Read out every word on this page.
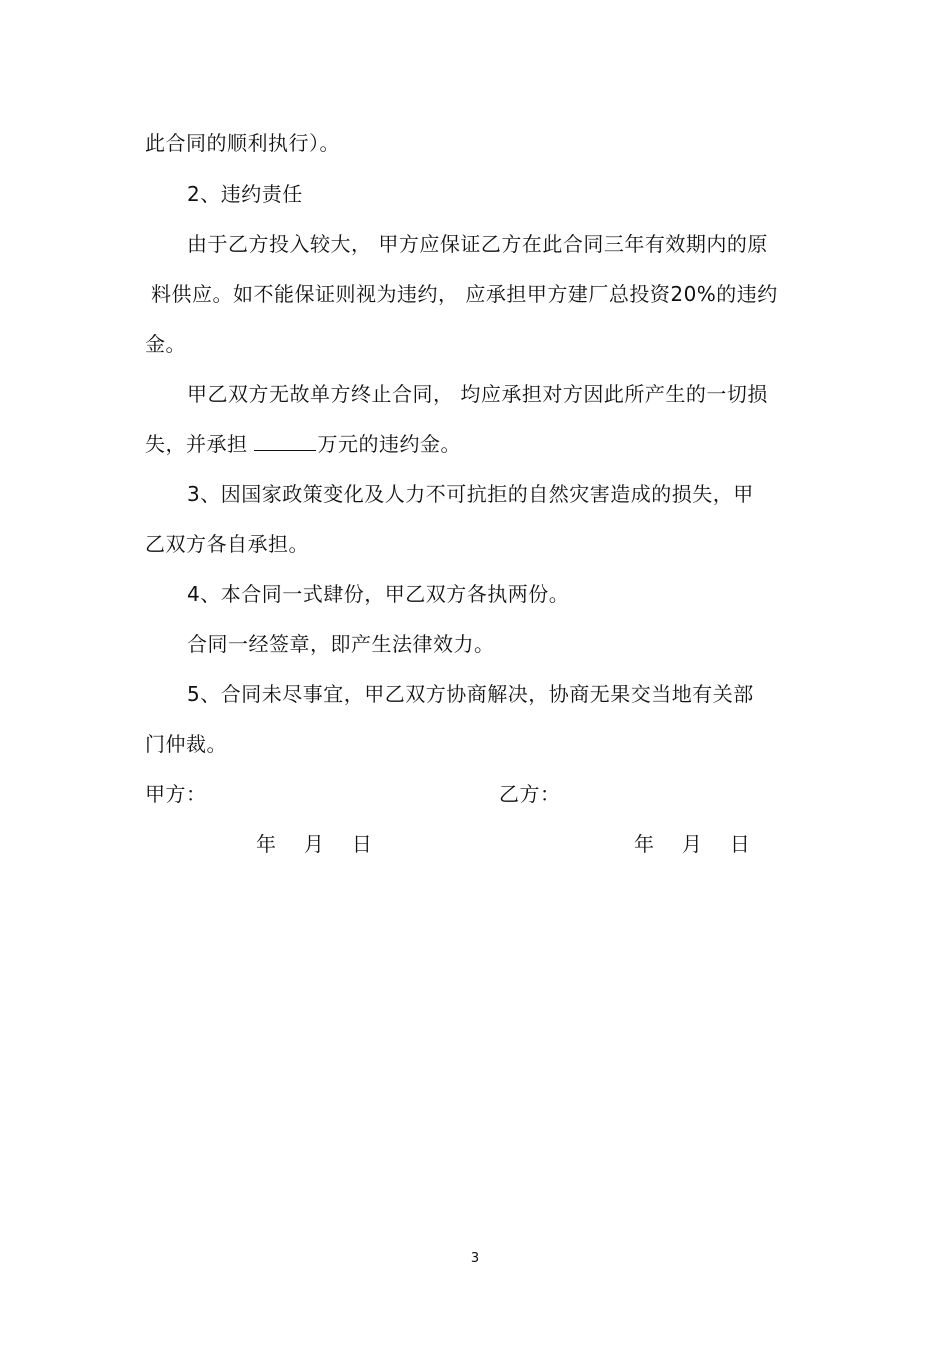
此合同的顺利执行）。
2、违约责任
由于乙方投入较大， 甲方应保证乙方在此合同三年有效期内的原
料供应。如不能保证则视为违约， 应承担甲方建厂总投资20%的违约
金。
甲乙双方无故单方终止合同， 均应承担对方因此所产生的一切损
失，并承担	万元的违约金。
3、因国家政策变化及人力不可抗拒的自然灾害造成的损失，甲
乙双方各自承担。
4、本合同一式肆份，甲乙双方各执两份。
合同一经签章，即产生法律效力。
5、合同未尽事宜，甲乙双方协商解决，协商无果交当地有关部
门仲裁。
甲方：	乙方：
年    月    日	年    月    日
3
